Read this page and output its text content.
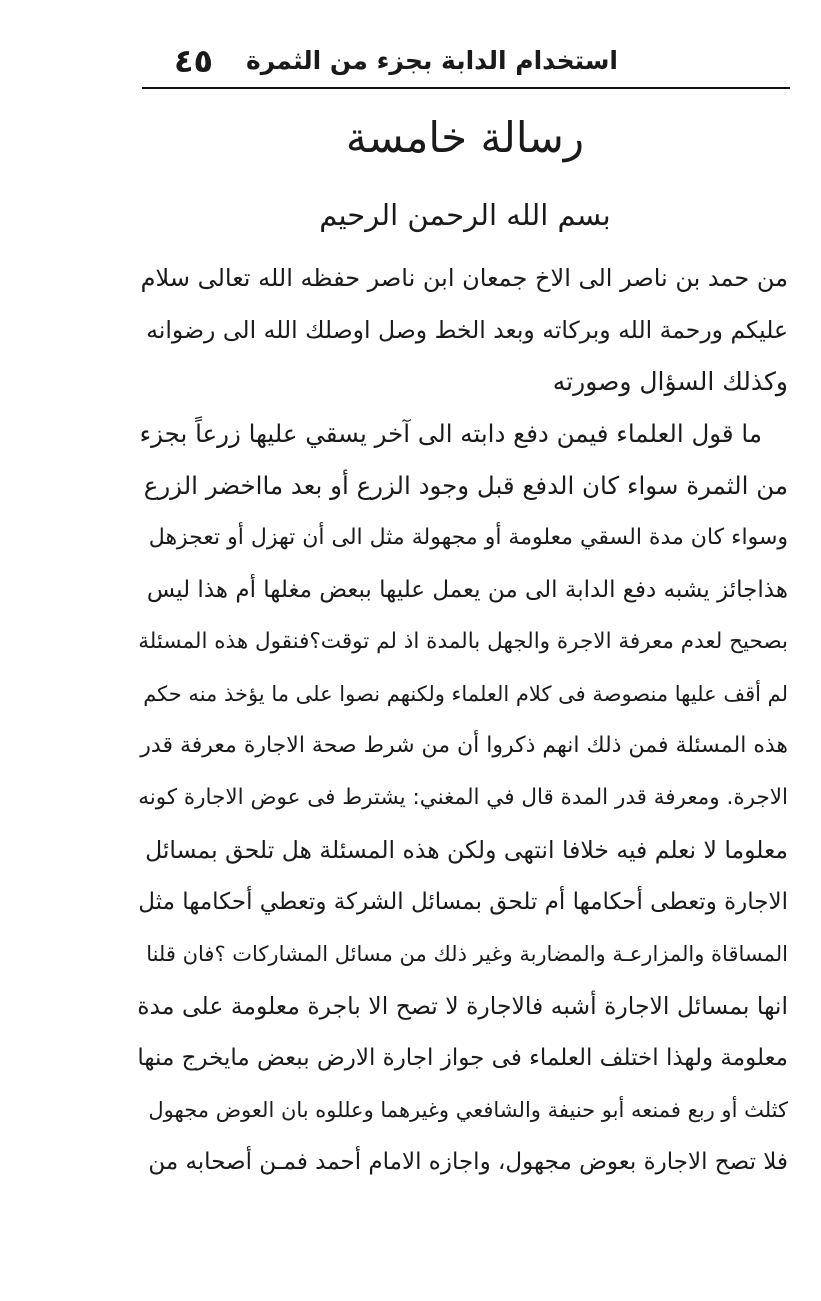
استخدام الدابة بجزء من الثمرة
٤٥
رسالة خامسة
بسم الله الرحمن الرحيم
من حمد بن ناصر الى الاخ جمعان ابن ناصر حفظه الله تعالى سلام
عليكم ورحمة الله وبركاته وبعد الخط وصل اوصلك الله الى رضوانه
وكذلك السؤال وصورته
ما قول العلماء فيمن دفع دابته الى آخر يسقي عليها زرعاً بجزء
من الثمرة سواء كان الدفع قبل وجود الزرع أو بعد مااخضر الزرع
وسواء كان مدة السقي معلومة أو مجهولة مثل الى أن تهزل أو تعجزهل
هذاجائز يشبه دفع الدابة الى من يعمل عليها ببعض مغلها أم هذا ليس
بصحيح لعدم معرفة الاجرة والجهل بالمدة اذ لم توقت؟فنقول هذه المسئلة
لم أقف عليها منصوصة فى كلام العلماء ولكنهم نصوا على ما يؤخذ منه حكم
هذه المسئلة فمن ذلك انهم ذكروا أن من شرط صحة الاجارة معرفة قدر
الاجرة. ومعرفة قدر المدة قال في المغني: يشترط فى عوض الاجارة كونه
معلوما لا نعلم فيه خلافا انتهى ولكن هذه المسئلة هل تلحق بمسائل
الاجارة وتعطى أحكامها أم تلحق بمسائل الشركة وتعطي أحكامها مثل
المساقاة والمزارعـة والمضاربة وغير ذلك من مسائل المشاركات ؟فان قلنا
انها بمسائل الاجارة أشبه فالاجارة لا تصح الا باجرة معلومة على مدة
معلومة ولهذا اختلف العلماء فى جواز اجارة الارض ببعض مايخرج منها
كثلث أو ربع فمنعه أبو حنيفة والشافعي وغيرهما وعللوه بان العوض مجهول
فلا تصح الاجارة بعوض مجهول، واجازه الامام أحمد فمـن أصحابه من
